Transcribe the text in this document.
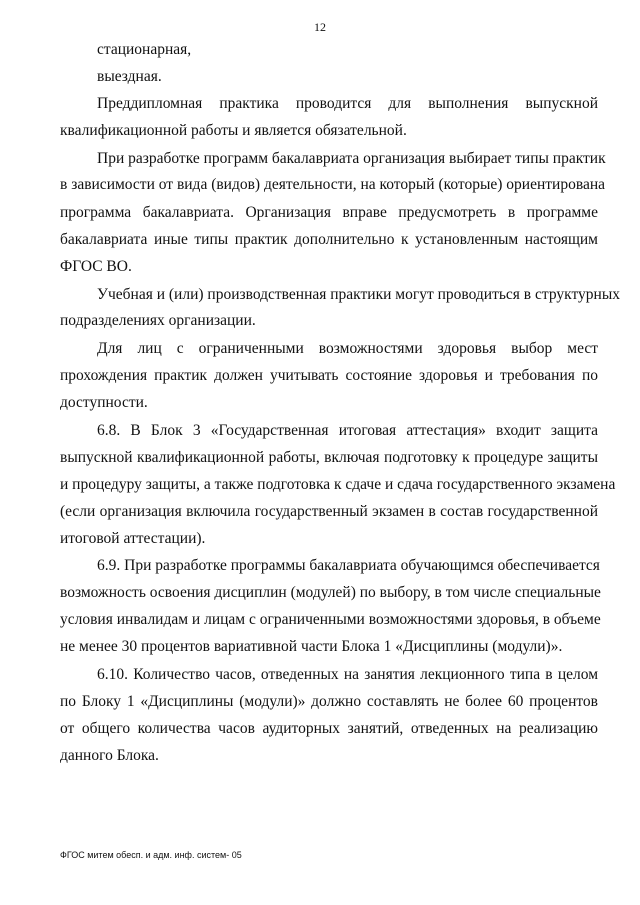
12
стационарная,
выездная.
Преддипломная практика проводится для выполнения выпускной
квалификационной работы и является обязательной.
При разработке программ бакалавриата организация выбирает типы практик
в зависимости от вида (видов) деятельности, на который (которые) ориентирована
программа бакалавриата. Организация вправе предусмотреть в программе
бакалавриата иные типы практик дополнительно к установленным настоящим
ФГОС ВО.
Учебная и (или) производственная практики могут проводиться в структурных
подразделениях организации.
Для лиц с ограниченными возможностями здоровья выбор мест
прохождения практик должен учитывать состояние здоровья и требования по
доступности.
6.8. В Блок 3 «Государственная итоговая аттестация» входит защита
выпускной квалификационной работы, включая подготовку к процедуре защиты
и процедуру защиты, а также подготовка к сдаче и сдача государственного экзамена
(если организация включила государственный экзамен в состав государственной
итоговой аттестации).
6.9. При разработке программы бакалавриата обучающимся обеспечивается
возможность освоения дисциплин (модулей) по выбору, в том числе специальные
условия инвалидам и лицам с ограниченными возможностями здоровья, в объеме
не менее 30 процентов вариативной части Блока 1 «Дисциплины (модули)».
6.10. Количество часов, отведенных на занятия лекционного типа в целом
по Блоку 1 «Дисциплины (модули)» должно составлять не более 60 процентов
от общего количества часов аудиторных занятий, отведенных на реализацию
данного Блока.
ФГОС митем обесп. и адм. инф. систем- 05
